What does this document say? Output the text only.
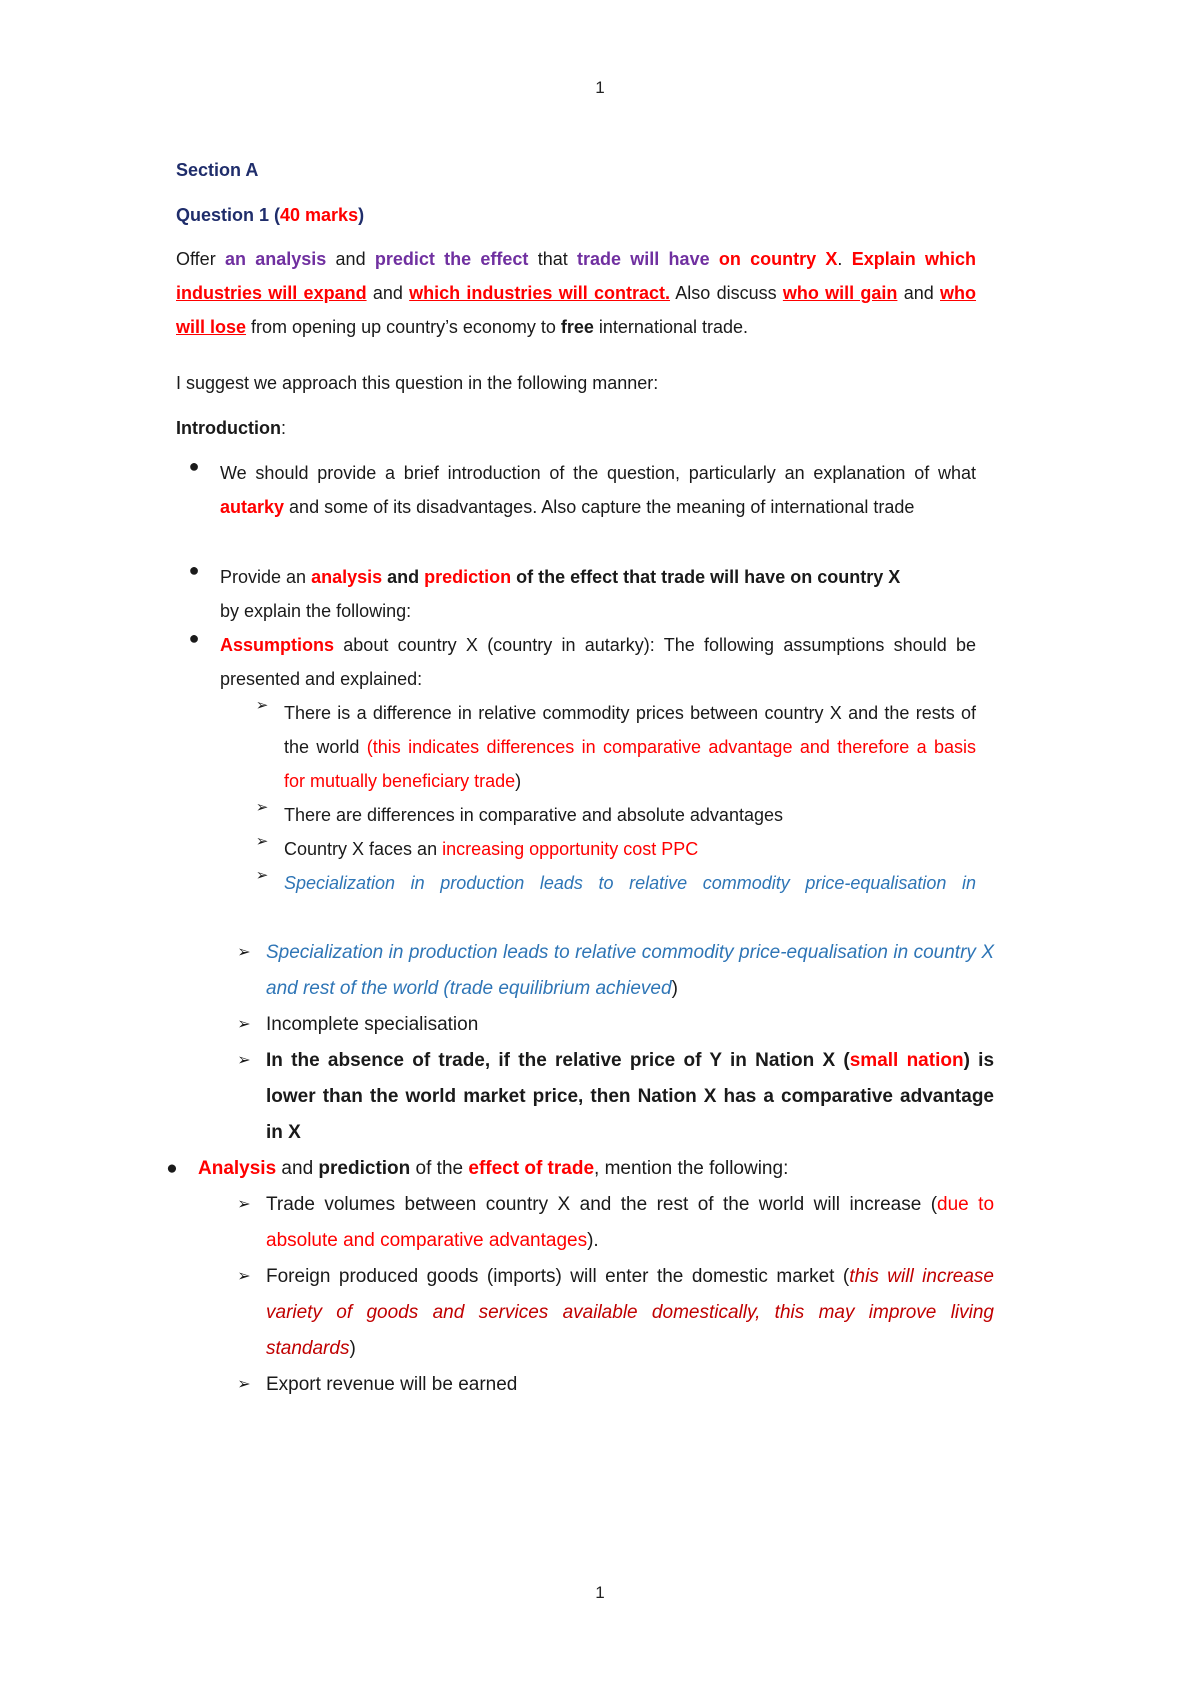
1
Section A
Question 1 (40 marks)
Offer an analysis and predict the effect that trade will have on country X. Explain which industries will expand and which industries will contract. Also discuss who will gain and who will lose from opening up country’s economy to free international trade.
I suggest we approach this question in the following manner:
Introduction:
● We should provide a brief introduction of the question, particularly an explanation of what autarky and some of its disadvantages. Also capture the meaning of international trade
● Provide an analysis and prediction of the effect that trade will have on country X
by explain the following:
● Assumptions about country X (country in autarky): The following assumptions should be presented and explained:
➢ There is a difference in relative commodity prices between country X and the rests of the world (this indicates differences in comparative advantage and therefore a basis for mutually beneficiary trade)
➢ There are differences in comparative and absolute advantages
➢ Country X faces an increasing opportunity cost PPC
➢ Specialization in production leads to relative commodity price-equalisation in
➢ Specialization in production leads to relative commodity price-equalisation in country X and rest of the world (trade equilibrium achieved)
➢ Incomplete specialisation
➢ In the absence of trade, if the relative price of Y in Nation X (small nation) is lower than the world market price, then Nation X has a comparative advantage in X
● Analysis and prediction of the effect of trade, mention the following:
➢ Trade volumes between country X and the rest of the world will increase (due to absolute and comparative advantages).
➢ Foreign produced goods (imports) will enter the domestic market (this will increase variety of goods and services available domestically, this may improve living standards)
➢ Export revenue will be earned
1
